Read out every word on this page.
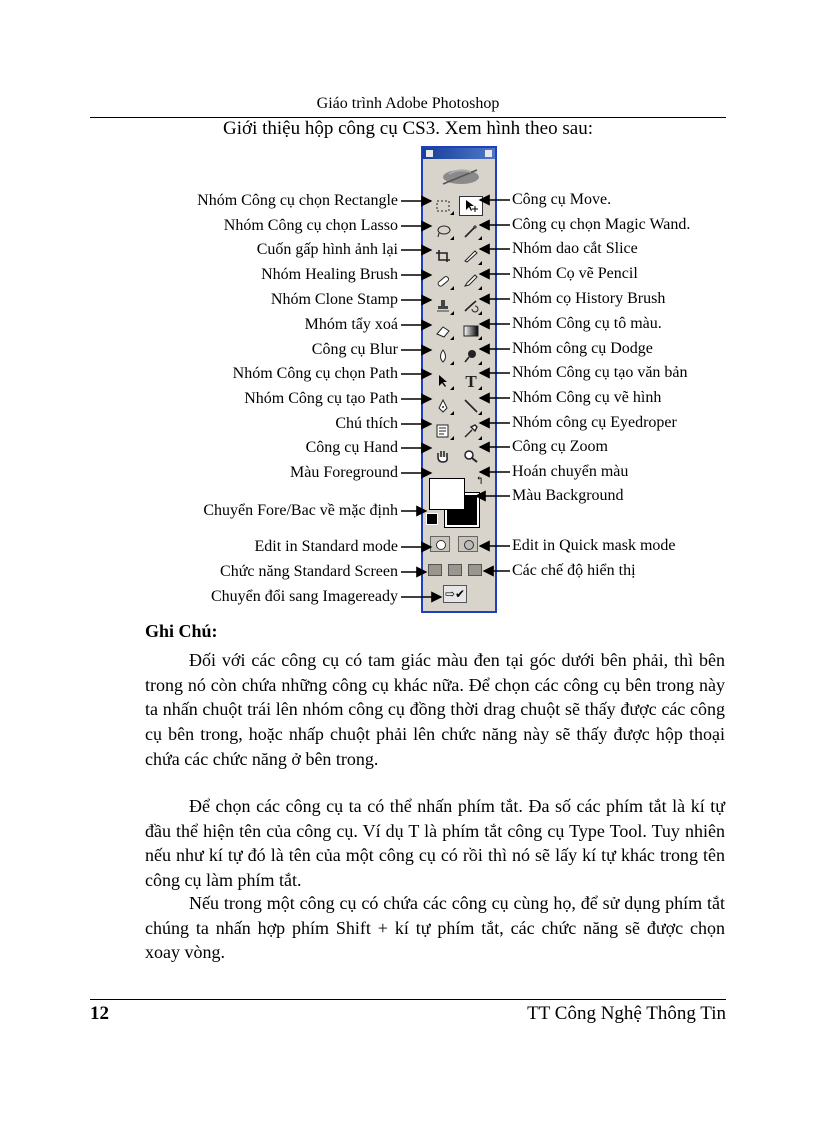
Giáo trình Adobe Photoshop
Giới thiệu hộp công cụ CS3. Xem hình theo sau:
T
↰
⇨✔
Nhóm Công cụ chọn Rectangle
Nhóm Công cụ chọn Lasso
Cuốn gấp hình ảnh lại
Nhóm Healing Brush
Nhóm Clone Stamp
Mhóm tẩy xoá
Công cụ Blur
Nhóm Công cụ chọn Path
Nhóm Công cụ tạo Path
Chú thích
Công cụ Hand
Màu Foreground
Chuyển Fore/Bac về mặc định
Edit in Standard mode
Chức năng Standard Screen
Chuyển đổi sang Imageready
Công cụ Move.
Công cụ chọn Magic Wand.
Nhóm dao cắt Slice
Nhóm Cọ vẽ Pencil
Nhóm cọ History Brush
Nhóm Công cụ tô màu.
Nhóm công cụ Dodge
Nhóm Công cụ tạo văn bản
Nhóm Công cụ vẽ hình
Nhóm công cụ Eyedroper
Công cụ Zoom
Hoán chuyển màu
Màu Background
Edit in Quick mask mode
Các chế độ hiển thị
Ghi Chú:

Đối với các công cụ có tam giác màu đen tại góc dưới bên phải, thì bên trong nó còn chứa những công cụ khác nữa. Để chọn các công cụ bên trong này ta nhấn chuột trái lên nhóm công cụ đồng thời drag chuột sẽ thấy được các công cụ bên trong, hoặc nhấp chuột phải lên chức năng này sẽ thấy được hộp thoại chứa các chức năng ở bên trong.

Để chọn các công cụ ta có thể nhấn phím tắt. Đa số các phím tắt là kí tự đầu thể hiện tên của công cụ. Ví dụ T là phím tắt công cụ Type Tool. Tuy nhiên nếu như kí tự đó là tên của một công cụ có rồi thì nó sẽ lấy kí tự khác trong tên công cụ làm phím tắt.

Nếu trong một công cụ có chứa các công cụ cùng họ, để sử dụng phím tắt chúng ta nhấn hợp phím Shift + kí tự phím tắt, các chức năng sẽ được chọn xoay vòng.

12	TT Công Nghệ Thông Tin
